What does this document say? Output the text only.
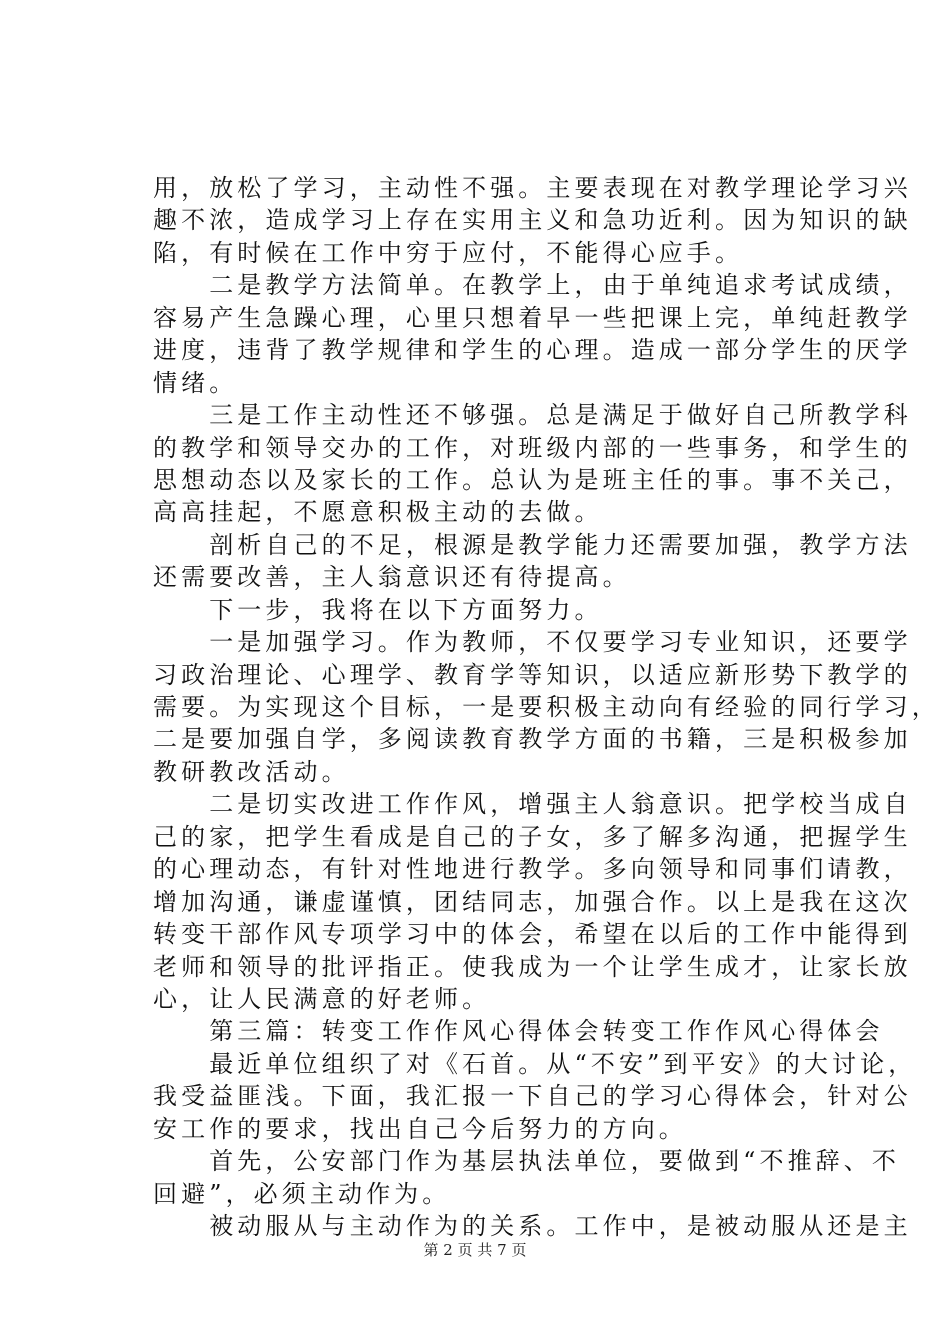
用，放松了学习，主动性不强。主要表现在对教学理论学习兴
趣不浓，造成学习上存在实用主义和急功近利。因为知识的缺
陷，有时候在工作中穷于应付，不能得心应手。
　　二是教学方法简单。在教学上，由于单纯追求考试成绩，
容易产生急躁心理，心里只想着早一些把课上完，单纯赶教学
进度，违背了教学规律和学生的心理。造成一部分学生的厌学
情绪。
　　三是工作主动性还不够强。总是满足于做好自己所教学科
的教学和领导交办的工作，对班级内部的一些事务，和学生的
思想动态以及家长的工作。总认为是班主任的事。事不关己，
高高挂起，不愿意积极主动的去做。
　　剖析自己的不足，根源是教学能力还需要加强，教学方法
还需要改善，主人翁意识还有待提高。
　　下一步，我将在以下方面努力。
　　一是加强学习。作为教师，不仅要学习专业知识，还要学
习政治理论、心理学、教育学等知识，以适应新形势下教学的
需要。为实现这个目标，一是要积极主动向有经验的同行学习，
二是要加强自学，多阅读教育教学方面的书籍，三是积极参加
教研教改活动。
　　二是切实改进工作作风，增强主人翁意识。把学校当成自
己的家，把学生看成是自己的子女，多了解多沟通，把握学生
的心理动态，有针对性地进行教学。多向领导和同事们请教，
增加沟通，谦虚谨慎，团结同志，加强合作。以上是我在这次
转变干部作风专项学习中的体会，希望在以后的工作中能得到
老师和领导的批评指正。使我成为一个让学生成才，让家长放
心，让人民满意的好老师。
　　第三篇：转变工作作风心得体会转变工作作风心得体会
　　最近单位组织了对《石首。从“不安”到平安》的大讨论，
我受益匪浅。下面，我汇报一下自己的学习心得体会，针对公
安工作的要求，找出自己今后努力的方向。
　　首先，公安部门作为基层执法单位，要做到“不推辞、不
回避”，必须主动作为。
　　被动服从与主动作为的关系。工作中，是被动服从还是主
第 2 页 共 7 页
